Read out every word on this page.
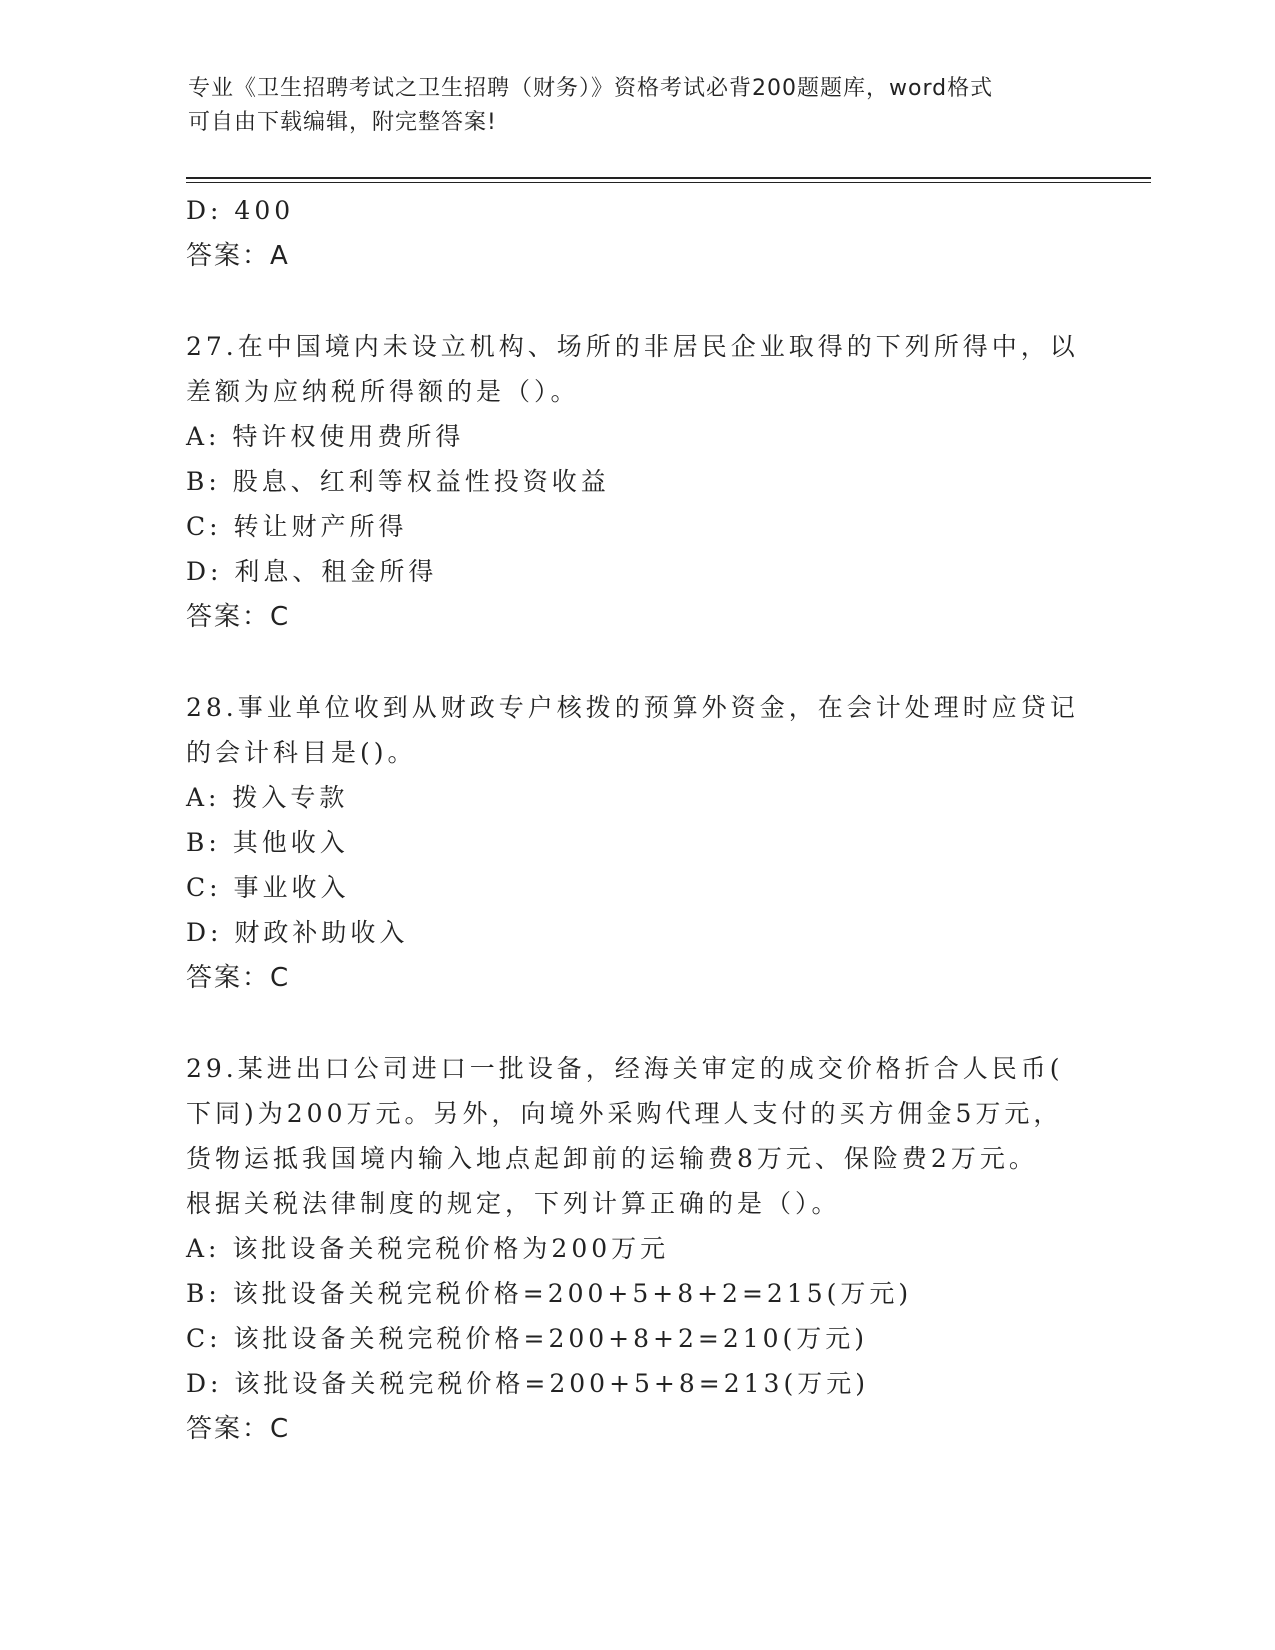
专业《卫生招聘考试之卫生招聘（财务）》资格考试必背200题题库，word格式
可自由下载编辑，附完整答案!
D: 400
答案：A
27.在中国境内未设立机构、场所的非居民企业取得的下列所得中，以
差额为应纳税所得额的是（）。
A: 特许权使用费所得
B: 股息、红利等权益性投资收益
C: 转让财产所得
D: 利息、租金所得
答案：C
28.事业单位收到从财政专户核拨的预算外资金，在会计处理时应贷记
的会计科目是()。
A: 拨入专款
B: 其他收入
C: 事业收入
D: 财政补助收入
答案：C
29.某进出口公司进口一批设备，经海关审定的成交价格折合人民币(
下同)为200万元。另外，向境外采购代理人支付的买方佣金5万元，
货物运抵我国境内输入地点起卸前的运输费8万元、保险费2万元。
根据关税法律制度的规定，下列计算正确的是（）。
A: 该批设备关税完税价格为200万元
B: 该批设备关税完税价格=200+5+8+2=215(万元)
C: 该批设备关税完税价格=200+8+2=210(万元)
D: 该批设备关税完税价格=200+5+8=213(万元)
答案：C
